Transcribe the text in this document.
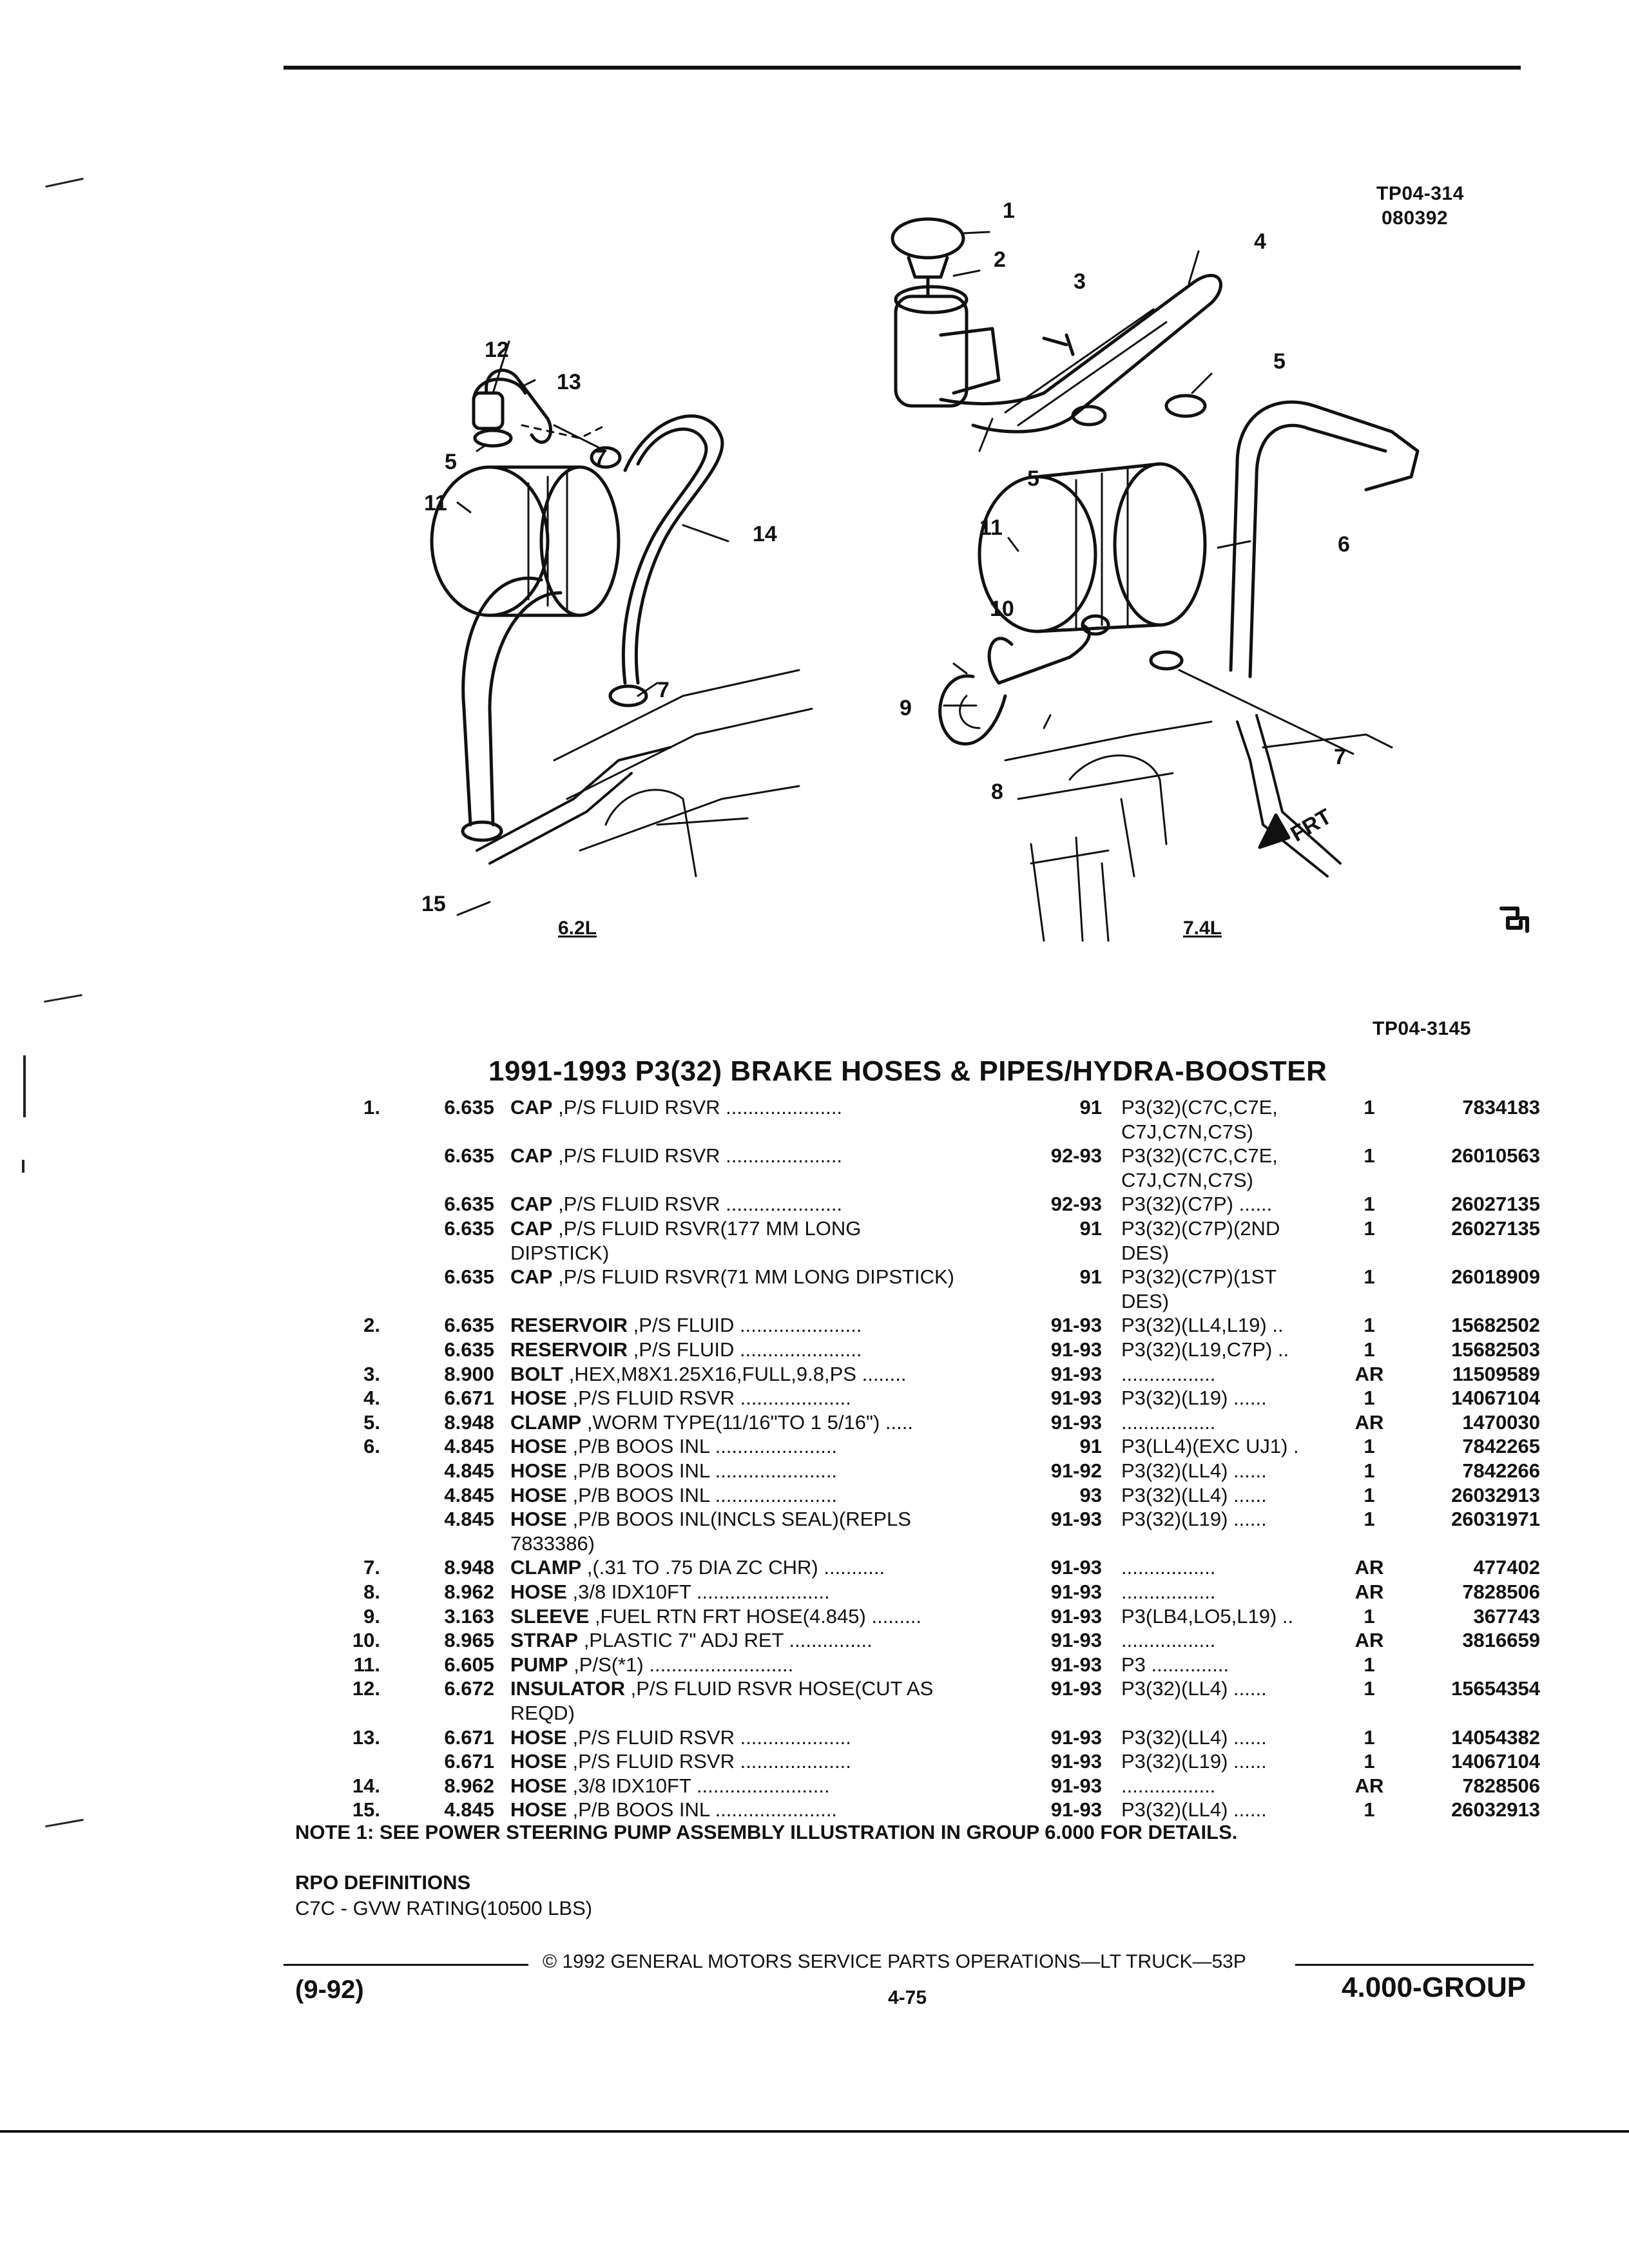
TP04-314
080392
TP04-3145
1
2
3
4
5
5
5
6
7
7
7
8
9
10
11
11
12
13
14
15
6.2L	7.4L
FRT
1991-1993 P3(32) BRAKE HOSES & PIPES/HYDRA-BOOSTER
1.	6.635 CAP ,P/S FLUID RSVR .....................	91 P3(32)(C7C,C7E,	1	7834183
C7J,C7N,C7S)
6.635 CAP ,P/S FLUID RSVR .....................	92-93 P3(32)(C7C,C7E,	1	26010563
C7J,C7N,C7S)
6.635 CAP ,P/S FLUID RSVR .....................	92-93 P3(32)(C7P) ......	1	26027135
6.635 CAP ,P/S FLUID RSVR(177 MM LONG	91 P3(32)(C7P)(2ND	1	26027135
DIPSTICK)	DES)
6.635 CAP ,P/S FLUID RSVR(71 MM LONG DIPSTICK)	91 P3(32)(C7P)(1ST	1	26018909
DES)
2.	6.635 RESERVOIR ,P/S FLUID ......................	91-93 P3(32)(LL4,L19) ..	1	15682502
6.635 RESERVOIR ,P/S FLUID ......................	91-93 P3(32)(L19,C7P) ..	1	15682503
3.	8.900 BOLT ,HEX,M8X1.25X16,FULL,9.8,PS ........	91-93 .................	AR	11509589
4.	6.671 HOSE ,P/S FLUID RSVR ....................	91-93 P3(32)(L19) ......	1	14067104
5.	8.948 CLAMP ,WORM TYPE(11/16"TO 1 5/16") .....	91-93 .................	AR	1470030
6.	4.845 HOSE ,P/B BOOS INL ......................	91 P3(LL4)(EXC UJ1) .	1	7842265
4.845 HOSE ,P/B BOOS INL ......................	91-92 P3(32)(LL4) ......	1	7842266
4.845 HOSE ,P/B BOOS INL ......................	93 P3(32)(LL4) ......	1	26032913
4.845 HOSE ,P/B BOOS INL(INCLS SEAL)(REPLS	91-93 P3(32)(L19) ......	1	26031971
7833386)
7.	8.948 CLAMP ,(.31 TO .75 DIA ZC CHR) ...........	91-93 .................	AR	477402
8.	8.962 HOSE ,3/8 IDX10FT ........................	91-93 .................	AR	7828506
9.	3.163 SLEEVE ,FUEL RTN FRT HOSE(4.845) .........	91-93 P3(LB4,LO5,L19) ..	1	367743
10.	8.965 STRAP ,PLASTIC 7" ADJ RET ...............	91-93 .................	AR	3816659
11.	6.605 PUMP ,P/S(*1) ..........................	91-93 P3 ..............	1
12.	6.672 INSULATOR ,P/S FLUID RSVR HOSE(CUT AS	91-93 P3(32)(LL4) ......	1	15654354
REQD)
13.	6.671 HOSE ,P/S FLUID RSVR ....................	91-93 P3(32)(LL4) ......	1	14054382
6.671 HOSE ,P/S FLUID RSVR ....................	91-93 P3(32)(L19) ......	1	14067104
14.	8.962 HOSE ,3/8 IDX10FT ........................	91-93 .................	AR	7828506
15.	4.845 HOSE ,P/B BOOS INL ......................	91-93 P3(32)(LL4) ......	1	26032913
NOTE 1: SEE POWER STEERING PUMP ASSEMBLY ILLUSTRATION IN GROUP 6.000 FOR DETAILS.
RPO DEFINITIONS
C7C - GVW RATING(10500 LBS)
© 1992 GENERAL MOTORS SERVICE PARTS OPERATIONS—LT TRUCK—53P
(9-92)	4-75	4.000-GROUP
